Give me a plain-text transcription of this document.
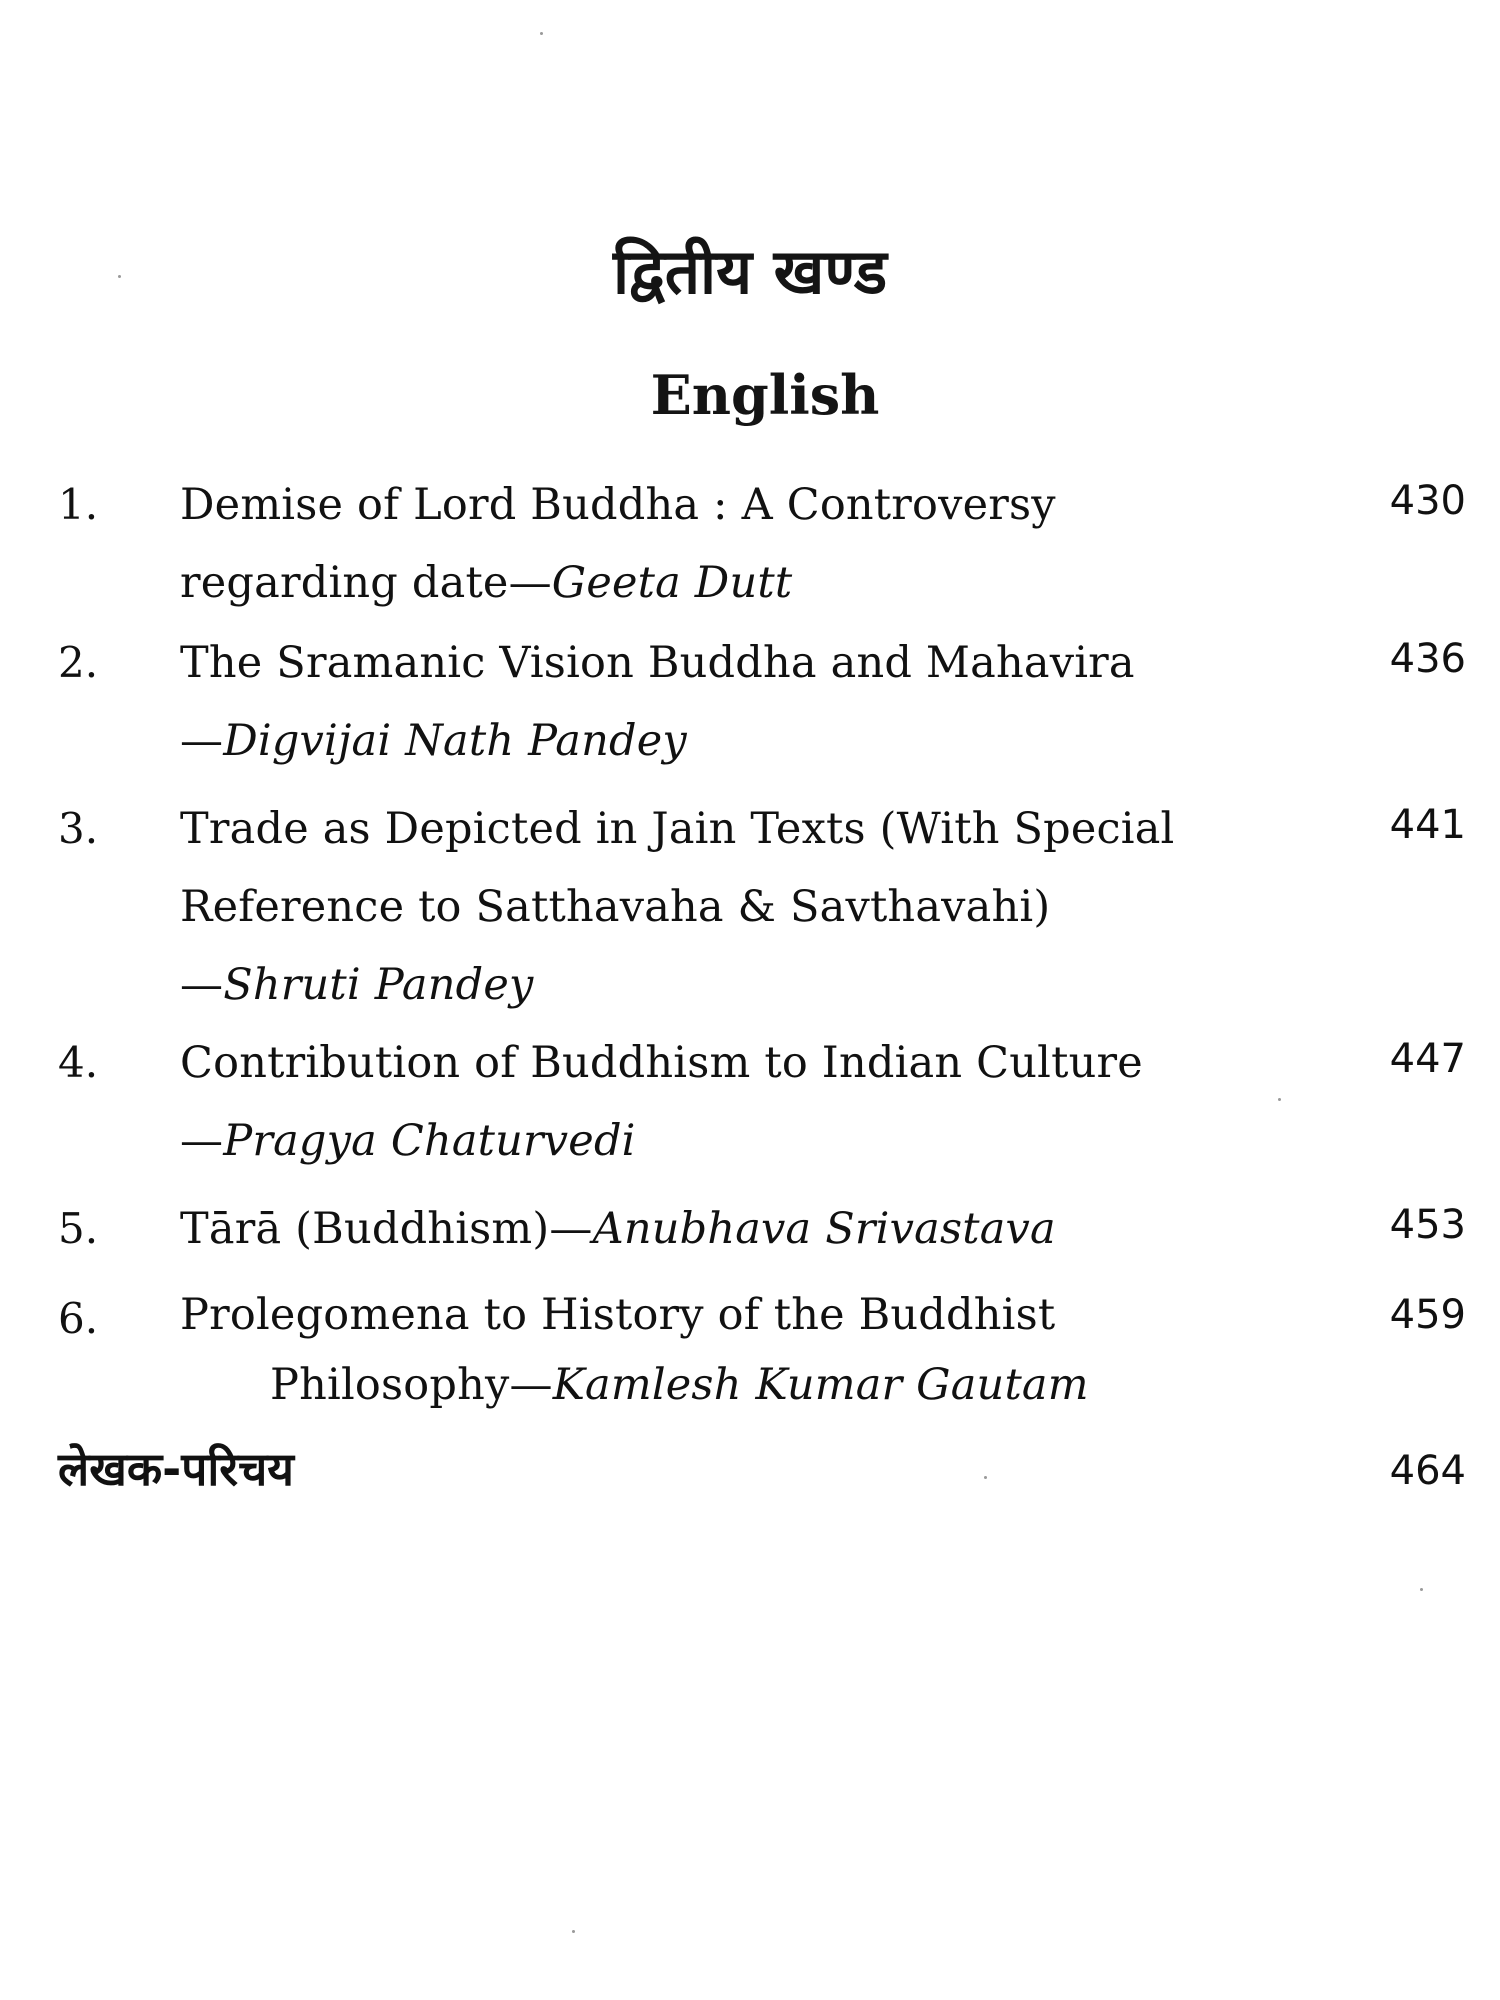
द्वितीय खण्ड
English
1. Demise of Lord Buddha : A Controversy
regarding date—Geeta Dutt
430
2. The Sramanic Vision Buddha and Mahavira
—Digvijai Nath Pandey
436
3. Trade as Depicted in Jain Texts (With Special
Reference to Satthavaha & Savthavahi)
—Shruti Pandey
441
4. Contribution of Buddhism to Indian Culture
—Pragya Chaturvedi
447
5. Tārā (Buddhism)—Anubhava Srivastava	453
6. Prolegomena to History of the Buddhist
Philosophy—Kamlesh Kumar Gautam
459
लेखक-परिचय	464
